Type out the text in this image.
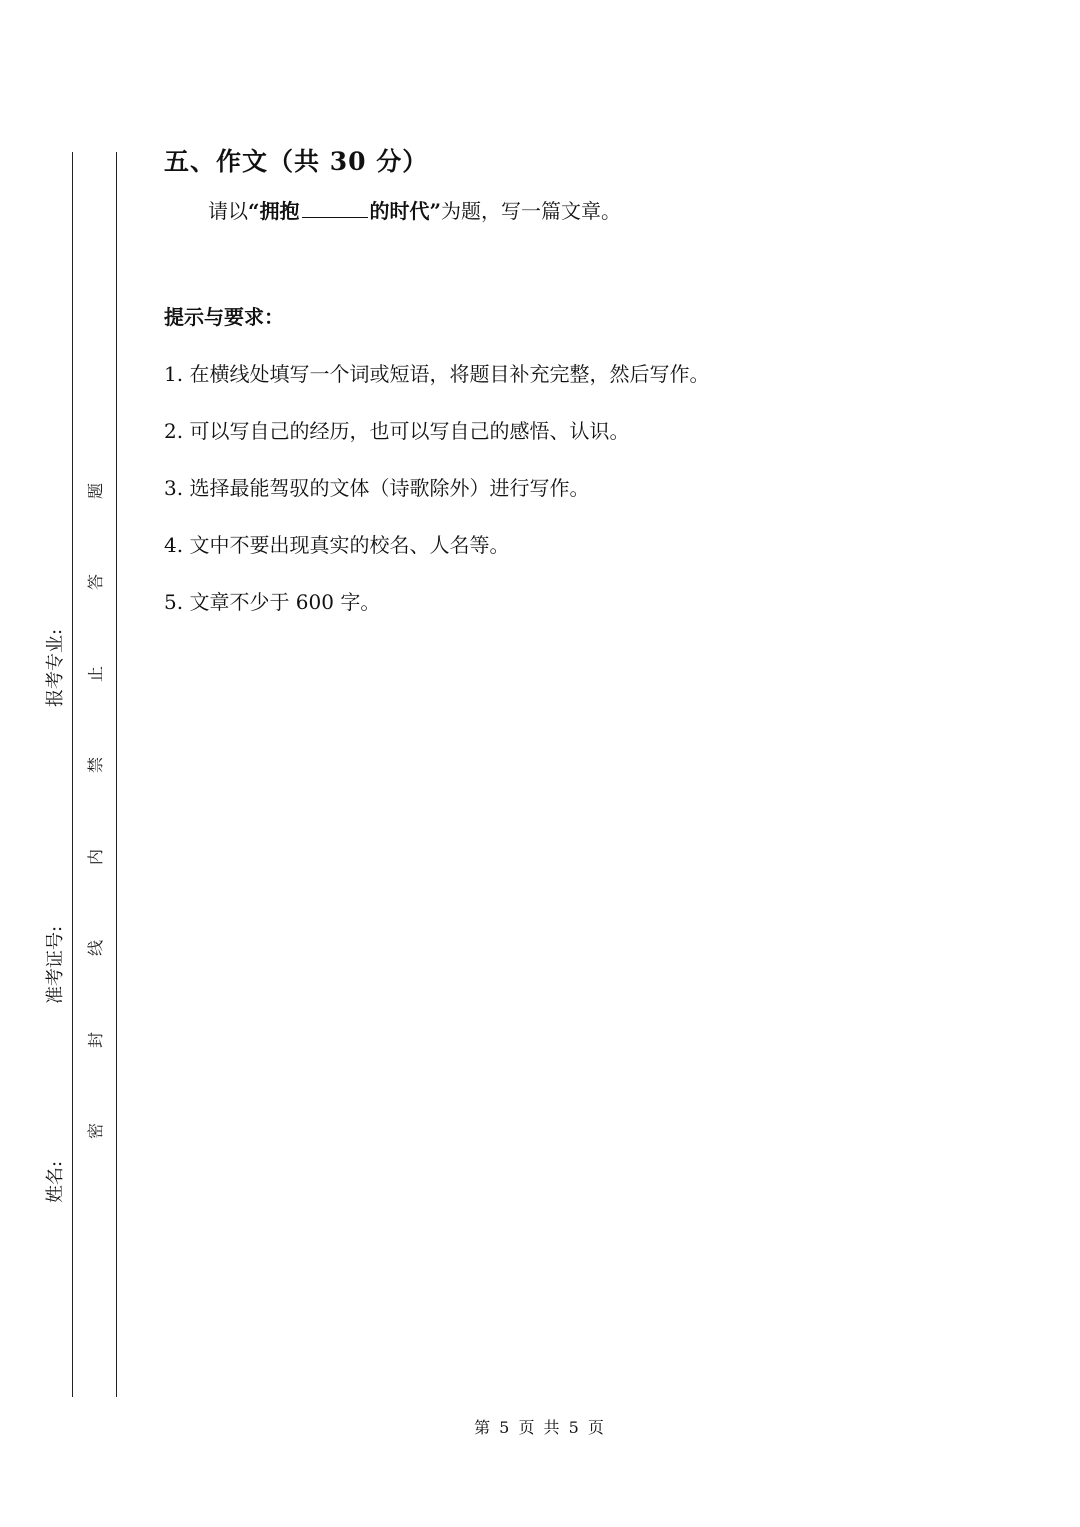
题
答
止
禁
内
线
封
密
报考专业:
准考证号:
姓名:
五、作文（共 30 分）
请以“拥抱	的时代”为题，写一篇文章。
提示与要求：
1. 在横线处填写一个词或短语，将题目补充完整，然后写作。
2. 可以写自己的经历，也可以写自己的感悟、认识。
3. 选择最能驾驭的文体（诗歌除外）进行写作。
4. 文中不要出现真实的校名、人名等。
5. 文章不少于 600 字。
第 5 页 共 5 页
